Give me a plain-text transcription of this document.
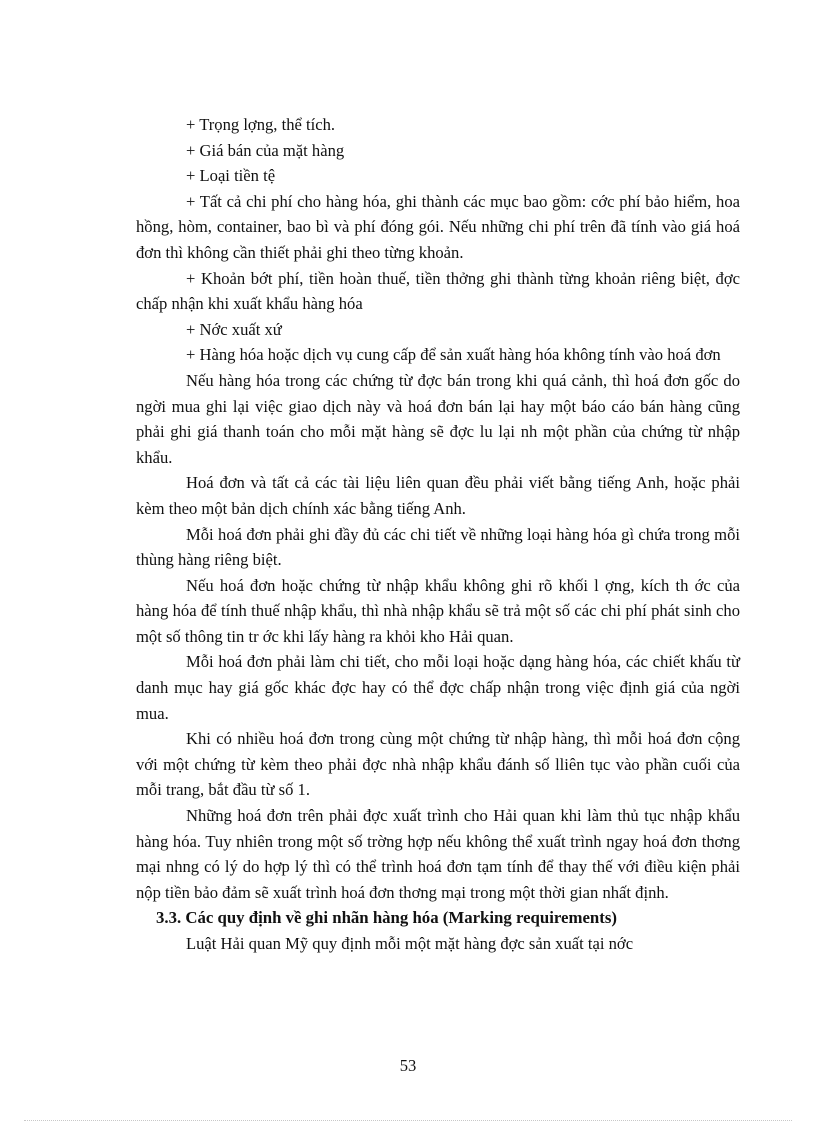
+ Trọng lợng, thể tích.

+ Giá bán của mặt hàng

+ Loại tiền tệ

+ Tất cả chi phí cho hàng hóa, ghi thành các mục bao gồm: cớc phí bảo hiểm, hoa hồng, hòm, container, bao bì và phí đóng gói. Nếu những chi phí trên đã tính vào giá hoá đơn thì không cần thiết phải ghi theo từng khoản.

+ Khoản bớt phí, tiền hoàn thuế, tiền thởng ghi thành từng khoản riêng biệt, đợc chấp nhận khi xuất khẩu hàng hóa

+ Nớc xuất xứ

+ Hàng hóa hoặc dịch vụ cung cấp để sản xuất hàng hóa không tính vào hoá đơn

Nếu hàng hóa trong các chứng từ đợc bán trong khi quá cảnh, thì hoá đơn gốc do ngời mua ghi lại việc giao dịch này và hoá đơn bán lại hay một báo cáo bán hàng cũng phải ghi giá thanh toán cho mỗi mặt hàng sẽ đợc lu lại nh một phần của chứng từ nhập khẩu.

Hoá đơn và tất cả các tài liệu liên quan đều phải viết bằng tiếng Anh, hoặc phải kèm theo một bản dịch chính xác bằng tiếng Anh.

Mỗi hoá đơn phải ghi đầy đủ các chi tiết về những loại hàng hóa gì chứa trong mỗi thùng hàng riêng biệt.

Nếu hoá đơn hoặc chứng từ nhập khẩu không ghi rõ khối l ợng, kích th ớc của hàng hóa để tính thuế nhập khẩu, thì nhà nhập khẩu sẽ trả một số các chi phí phát sinh cho một số thông tin tr ớc khi lấy hàng ra khỏi kho Hải quan.

Mỗi hoá đơn phải làm chi tiết, cho mỗi loại hoặc dạng hàng hóa, các chiết khấu từ danh mục hay giá gốc khác đợc hay có thể đợc chấp nhận trong việc định giá của ngời mua.

Khi có nhiều hoá đơn trong cùng một chứng từ nhập hàng, thì mỗi hoá đơn cộng với một chứng từ kèm theo phải đợc nhà nhập khẩu đánh số lliên tục vào phần cuối của mỗi trang, bắt đầu từ số 1.

Những hoá đơn trên phải đợc xuất trình cho Hải quan khi làm thủ tục nhập khẩu hàng hóa. Tuy nhiên trong một số trờng hợp nếu không thể xuất trình ngay hoá đơn thơng mại nhng có lý do hợp lý thì có thể trình hoá đơn tạm tính để thay thế với điều kiện phải nộp tiền bảo đảm sẽ xuất trình hoá đơn thơng mại trong một thời gian nhất định.

3.3. Các quy định về ghi nhãn hàng hóa (Marking requirements)

Luật Hải quan Mỹ quy định mỗi một mặt hàng đợc sản xuất tại nớc

53
